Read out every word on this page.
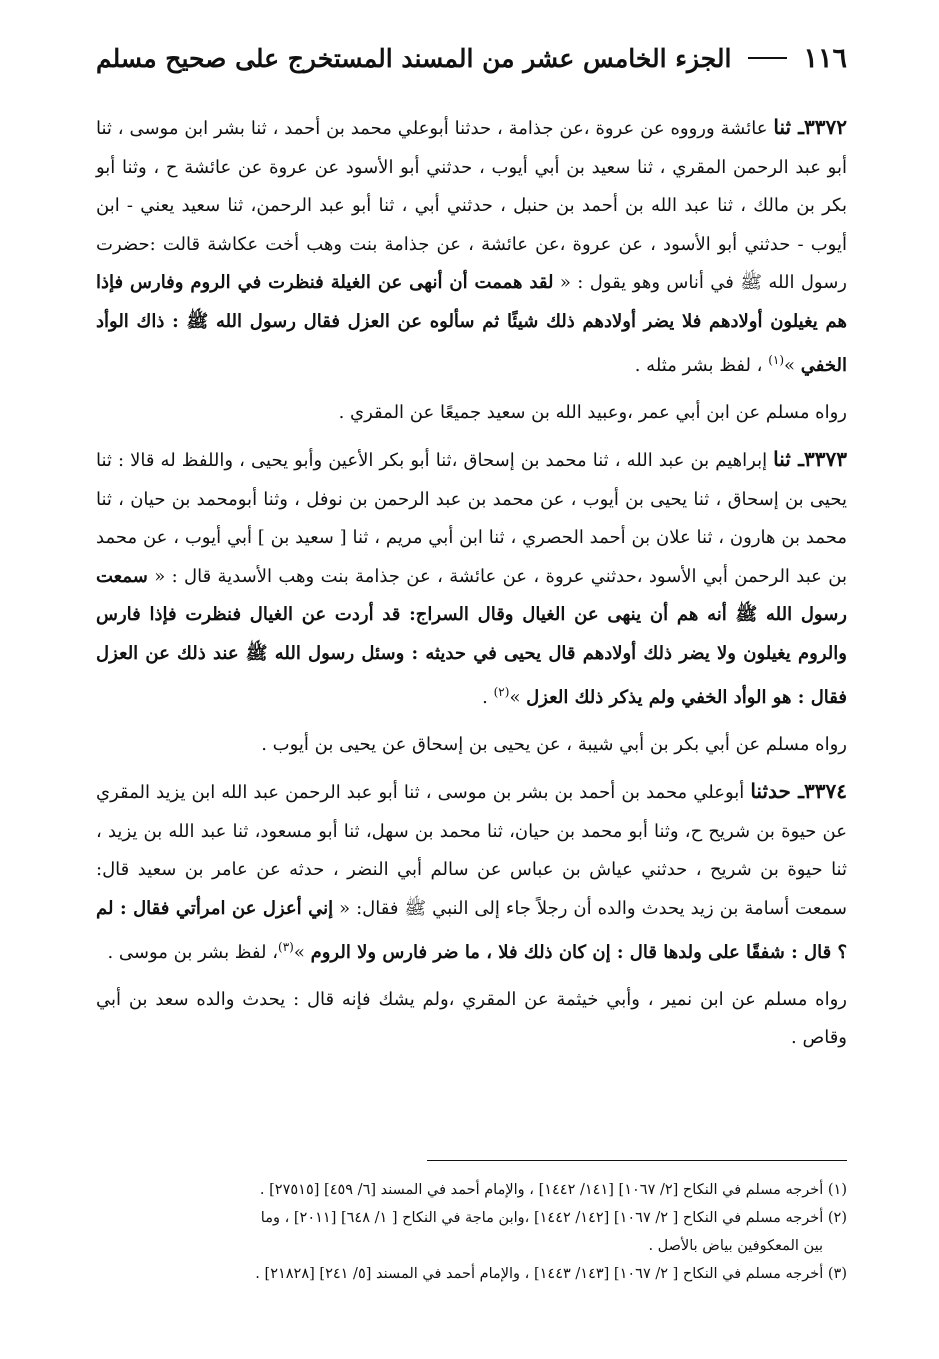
١١٦
الجزء الخامس عشر من المسند المستخرج على صحيح مسلم

٣٣٧٢ـ ثنا عائشة ورووه عن عروة ،عن جذامة ، حدثنا أبوعلي محمد بن أحمد ، ثنا بشر ابن موسى ، ثنا أبو عبد الرحمن المقري ، ثنا سعيد بن أبي أيوب ، حدثني أبو الأسود عن عروة عن عائشة ح ، وثنا أبو بكر بن مالك ، ثنا عبد الله بن أحمد بن حنبل ، حدثني أبي ، ثنا أبو عبد الرحمن، ثنا سعيد يعني - ابن أيوب - حدثني أبو الأسود ، عن عروة ،عن عائشة ، عن جذامة بنت وهب أخت عكاشة قالت :حضرت رسول الله ﷺ في أناس وهو يقول : « لقد هممت أن أنهى عن الغيلة فنظرت في الروم وفارس فإذا هم يغيلون أولادهم فلا يضر أولادهم ذلك شيئًا ثم سألوه عن العزل فقال رسول الله ﷺ : ذاك الوأد الخفي »$^{(١)}$ ، لفظ بشر مثله .

رواه مسلم عن ابن أبي عمر ،وعبيد الله بن سعيد جميعًا عن المقري .

٣٣٧٣ـ ثنا إبراهيم بن عبد الله ، ثنا محمد بن إسحاق ،ثنا أبو بكر الأعين وأبو يحيى ، واللفظ له قالا : ثنا يحيى بن إسحاق ، ثنا يحيى بن أيوب ، عن محمد بن عبد الرحمن بن نوفل ، وثنا أبومحمد بن حيان ، ثنا محمد بن هارون ، ثنا علان بن أحمد الحصري ، ثنا ابن أبي مريم ، ثنا [ سعيد بن ] أبي أيوب ، عن محمد بن عبد الرحمن أبي الأسود ،حدثني عروة ، عن عائشة ، عن جذامة بنت وهب الأسدية قال : « سمعت رسول الله ﷺ أنه هم أن ينهى عن الغيال وقال السراج: قد أردت عن الغيال فنظرت فإذا فارس والروم يغيلون ولا يضر ذلك أولادهم قال يحيى في حديثه : وسئل رسول الله ﷺ عند ذلك عن العزل فقال : هو الوأد الخفي ولم يذكر ذلك العزل »$^{(٢)}$ .

رواه مسلم عن أبي بكر بن أبي شيبة ، عن يحيى بن إسحاق عن يحيى بن أيوب .

٣٣٧٤ـ حدثنا أبوعلي محمد بن أحمد بن بشر بن موسى ، ثنا أبو عبد الرحمن عبد الله ابن يزيد المقري عن حيوة بن شريح ح، وثنا أبو محمد بن حيان، ثنا محمد بن سهل، ثنا أبو مسعود، ثنا عبد الله بن يزيد ، ثنا حيوة بن شريح ، حدثني عياش بن عباس عن سالم أبي النضر ، حدثه عن عامر بن سعيد قال: سمعت أسامة بن زيد يحدث والده أن رجلاً جاء إلى النبي ﷺ فقال: « إني أعزل عن امرأتي فقال : لم ؟ قال : شفقًا على ولدها قال : إن كان ذلك فلا ، ما ضر فارس ولا الروم »$^{(٣)}$، لفظ بشر بن موسى .

رواه مسلم عن ابن نمير ، وأبي خيثمة عن المقري ،ولم يشك فإنه قال : يحدث والده سعد بن أبي وقاص .

(١) أخرجه مسلم في النكاح [٢/ ١٠٦٧] [١٤١/ ١٤٤٢] ، والإمام أحمد في المسند [٦/ ٤٥٩] [٢٧٥١٥] .

(٢) أخرجه مسلم في النكاح [ ٢/ ١٠٦٧] [١٤٢/ ١٤٤٢] ،وابن ماجة في النكاح [ ١/ ٦٤٨] [٢٠١١] ، وما
بين المعكوفين بياض بالأصل .

(٣) أخرجه مسلم في النكاح [ ٢/ ١٠٦٧] [١٤٣/ ١٤٤٣] ، والإمام أحمد في المسند [٥/ ٢٤١] [٢١٨٢٨] .
